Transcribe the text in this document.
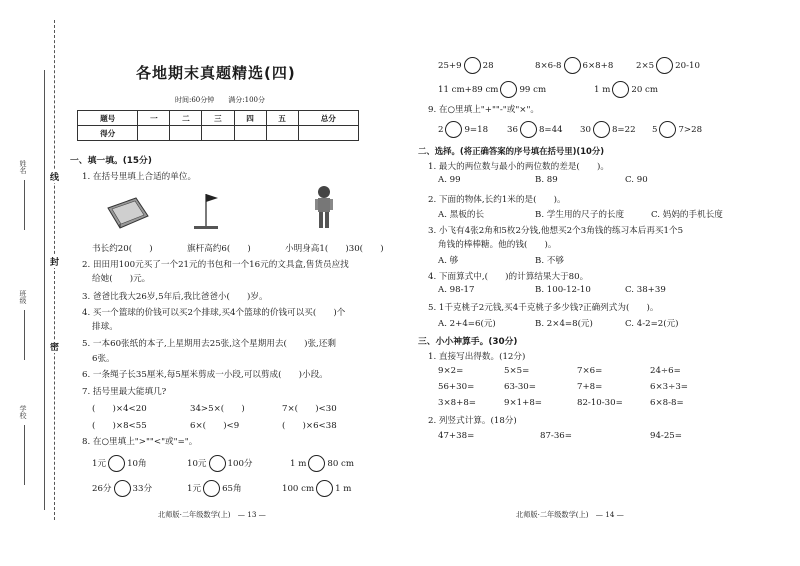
姓名
班级
学校
线
封
密
各地期末真题精选(四)
时间:60分钟　　满分:100分
题号	一	二	三	四	五	总分
得分						
一、填一填。(15分)
1. 在括号里填上合适的单位。
书长约20(　　)	旗杆高约6(　　)	小明身高1(　　)30(　　)
2. 田田用100元买了一个21元的书包和一个16元的文具盒,售货员应找
给她(　　)元。
3. 爸爸比我大26岁,5年后,我比爸爸小(　　)岁。
4. 买一个篮球的价钱可以买2个排球,买4个篮球的价钱可以买(　　)个
排球。
5. 一本60张纸的本子,上星期用去25张,这个星期用去(　　)张,还剩
6张。
6. 一条绳子长35厘米,每5厘米剪成一小段,可以剪成(　　)小段。
7. 括号里最大能填几?
(　　)×4<20	34>5×(　　)	7×(　　)<30
(　　)×8<55	6×(　　)<9	(　　)×6<38
8. 在○里填上">""<"或"="。
1元 10角	10元 100分	1 m 80 cm
26分 33分	1元 65角	100 cm 1 m
北师版·二年级数学(上)　— 13 —
25+9 28	8×6-8 6×8+8	2×5 20-10
11 cm+89 cm 99 cm	1 m 20 cm
9. 在○里填上"+""-"或"×"。
2 9=18 36 8=44 30 8=22 5 7>28
二、选择。(将正确答案的序号填在括号里)(10分)
1. 最大的两位数与最小的两位数的差是(　　)。
A. 99	B. 89	C. 90
2. 下面的物体,长约1米的是(　　)。
A. 黑板的长	B. 学生用的尺子的长度	C. 妈妈的手机长度
3. 小飞有4张2角和5枚2分钱,他想买2个3角钱的练习本后再买1个5
角钱的棒棒糖。他的钱(　　)。
A. 够	B. 不够
4. 下面算式中,(　　)的计算结果大于80。
A. 98-17	B. 100-12-10	C. 38+39
5. 1千克桃子2元钱,买4千克桃子多少钱?正确列式为(　　)。
A. 2+4=6(元)	B. 2×4=8(元)	C. 4-2=2(元)
三、小小神算手。(30分)
1. 直接写出得数。(12分)
9×2=	5×5=	7×6=	24÷6=
56+30=	63-30=	7+8=	6×3÷3=
3×8+8=	9×1+8=	82-10-30=	6×8-8=
2. 列竖式计算。(18分)
47+38=	87-36=	94-25=
北师版·二年级数学(上)　— 14 —
